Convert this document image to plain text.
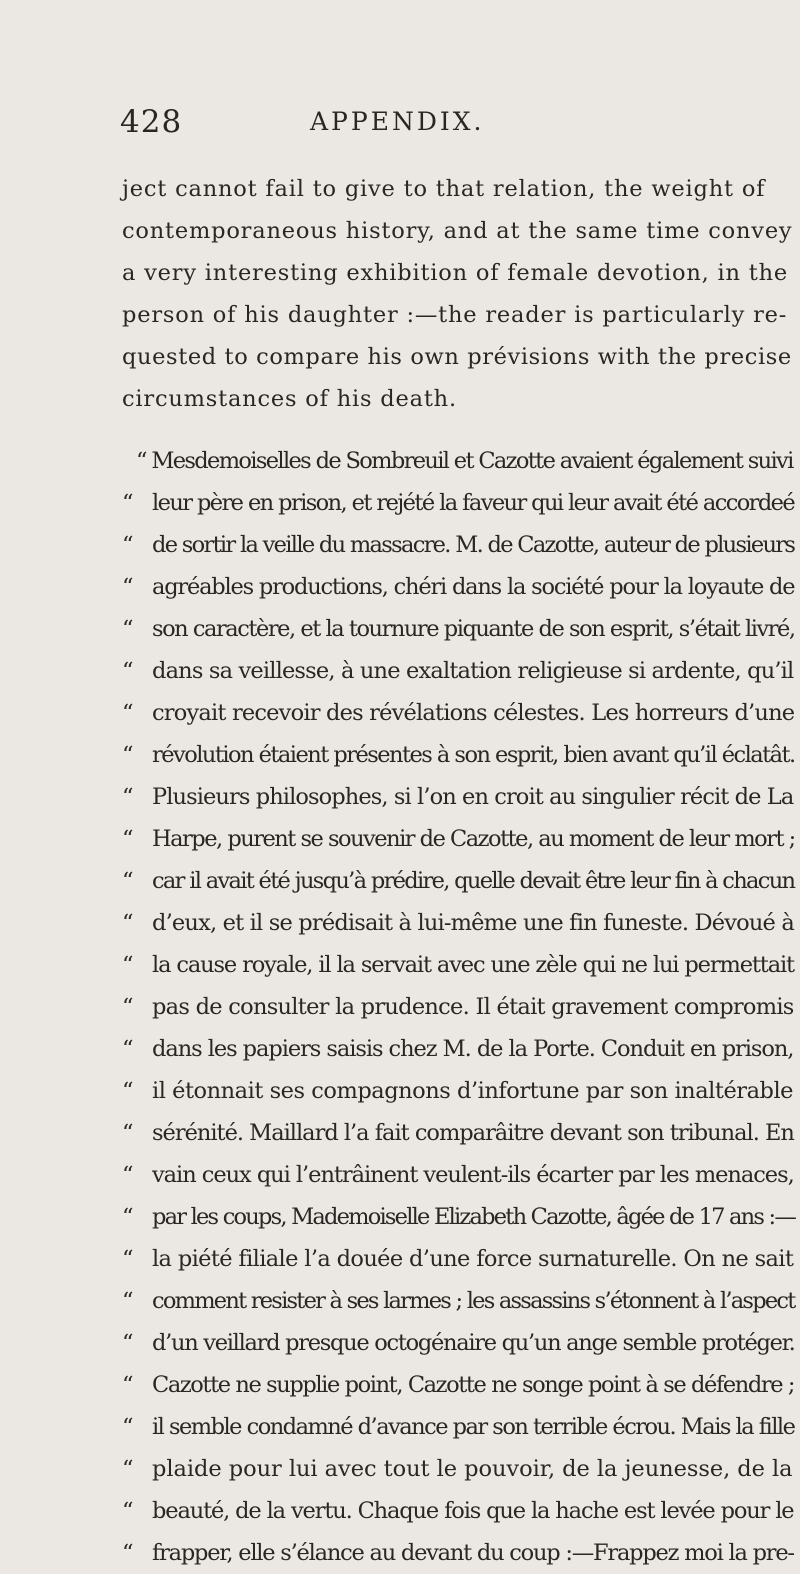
428	APPENDIX.
ject cannot fail to give to that relation, the weight of
contemporaneous history, and at the same time convey
a very interesting exhibition of female devotion, in the
person of his daughter :—the reader is particularly re-
quested to compare his own prévisions with the precise
circumstances of his death.
“ Mesdemoiselles de Sombreuil et Cazotte avaient également suivi
“ leur père en prison, et rejété la faveur qui leur avait été accordeé
“ de sortir la veille du massacre. M. de Cazotte, auteur de plusieurs
“ agréables productions, chéri dans la société pour la loyaute de
“ son caractère, et la tournure piquante de son esprit, s’était livré,
“ dans sa veillesse, à une exaltation religieuse si ardente, qu’il
“ croyait recevoir des révélations célestes. Les horreurs d’une
“ révolution étaient présentes à son esprit, bien avant qu’il éclatât.
“ Plusieurs philosophes, si l’on en croit au singulier récit de La
“ Harpe, purent se souvenir de Cazotte, au moment de leur mort ;
“ car il avait été jusqu’à prédire, quelle devait être leur fin à chacun
“ d’eux, et il se prédisait à lui-même une fin funeste. Dévoué à
“ la cause royale, il la servait avec une zèle qui ne lui permettait
“ pas de consulter la prudence. Il était gravement compromis
“ dans les papiers saisis chez M. de la Porte. Conduit en prison,
“ il étonnait ses compagnons d’infortune par son inaltérable
“ sérénité. Maillard l’a fait comparâitre devant son tribunal. En
“ vain ceux qui l’entrâinent veulent-ils écarter par les menaces,
“ par les coups, Mademoiselle Elizabeth Cazotte, âgée de 17 ans :—
“ la piété filiale l’a douée d’une force surnaturelle. On ne sait
“ comment resister à ses larmes ; les assassins s’étonnent à l’aspect
“ d’un veillard presque octogénaire qu’un ange semble protéger.
“ Cazotte ne supplie point, Cazotte ne songe point à se défendre ;
“ il semble condamné d’avance par son terrible écrou. Mais la fille
“ plaide pour lui avec tout le pouvoir, de la jeunesse, de la
“ beauté, de la vertu. Chaque fois que la hache est levée pour le
“ frapper, elle s’élance au devant du coup :—Frappez moi la pre-
